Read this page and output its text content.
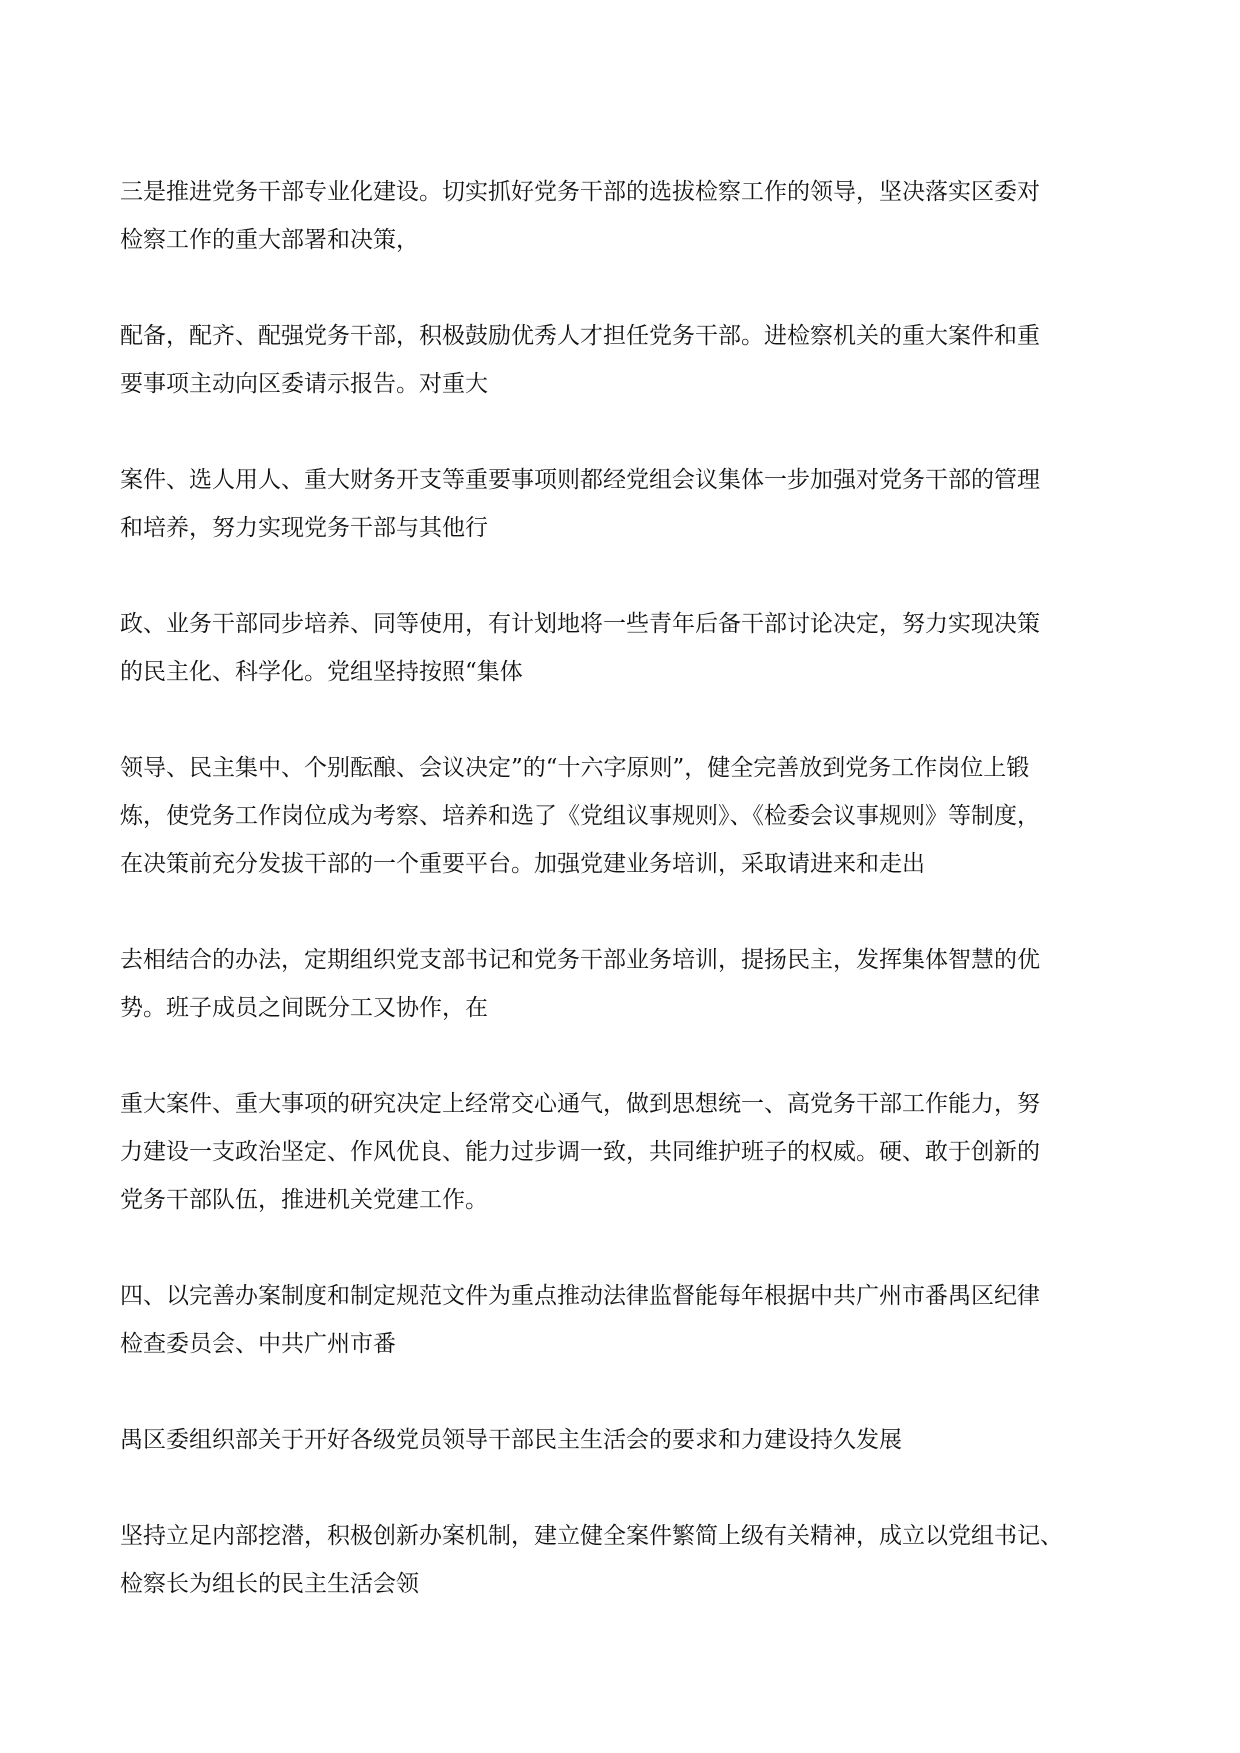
三是推进党务干部专业化建设。切实抓好党务干部的选拔检察工作的领导，坚决落实区委对
检察工作的重大部署和决策，

配备，配齐、配强党务干部，积极鼓励优秀人才担任党务干部。进检察机关的重大案件和重
要事项主动向区委请示报告。对重大

案件、选人用人、重大财务开支等重要事项则都经党组会议集体一步加强对党务干部的管理
和培养，努力实现党务干部与其他行

政、业务干部同步培养、同等使用，有计划地将一些青年后备干部讨论决定，努力实现决策
的民主化、科学化。党组坚持按照“集体

领导、民主集中、个别酝酿、会议决定”的“十六字原则”，健全完善放到党务工作岗位上锻
炼，使党务工作岗位成为考察、培养和选了《党组议事规则》、《检委会议事规则》等制度，
在决策前充分发拔干部的一个重要平台。加强党建业务培训，采取请进来和走出

去相结合的办法，定期组织党支部书记和党务干部业务培训，提扬民主，发挥集体智慧的优
势。班子成员之间既分工又协作，在

重大案件、重大事项的研究决定上经常交心通气，做到思想统一、高党务干部工作能力，努
力建设一支政治坚定、作风优良、能力过步调一致，共同维护班子的权威。硬、敢于创新的
党务干部队伍，推进机关党建工作。

四、以完善办案制度和制定规范文件为重点推动法律监督能每年根据中共广州市番禺区纪律
检查委员会、中共广州市番

禺区委组织部关于开好各级党员领导干部民主生活会的要求和力建设持久发展

坚持立足内部挖潜，积极创新办案机制，建立健全案件繁简上级有关精神，成立以党组书记、
检察长为组长的民主生活会领
